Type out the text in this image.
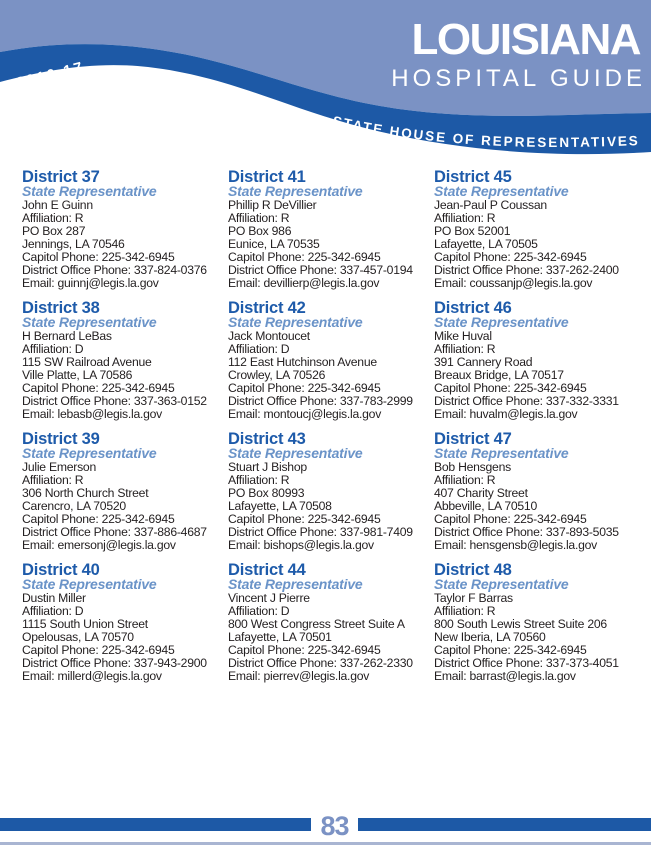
2016-17
LOUISIANA
HOSPITAL GUIDE
STATE HOUSE OF REPRESENTATIVES
District 37
State Representative
John E Guinn
Affiliation: R
PO Box 287
Jennings, LA 70546
Capitol Phone: 225-342-6945
District Office Phone: 337-824-0376
Email: guinnj@legis.la.gov
District 38
State Representative
H Bernard LeBas
Affiliation: D
115 SW Railroad Avenue
Ville Platte, LA 70586
Capitol Phone: 225-342-6945
District Office Phone: 337-363-0152
Email: lebasb@legis.la.gov
District 39
State Representative
Julie Emerson
Affiliation: R
306 North Church Street
Carencro, LA 70520
Capitol Phone: 225-342-6945
District Office Phone: 337-886-4687
Email: emersonj@legis.la.gov
District 40
State Representative
Dustin Miller
Affiliation: D
1115 South Union Street
Opelousas, LA 70570
Capitol Phone: 225-342-6945
District Office Phone: 337-943-2900
Email: millerd@legis.la.gov
District 41
State Representative
Phillip R DeVillier
Affiliation: R
PO Box 986
Eunice, LA 70535
Capitol Phone: 225-342-6945
District Office Phone: 337-457-0194
Email: devillierp@legis.la.gov
District 42
State Representative
Jack Montoucet
Affiliation: D
112 East Hutchinson Avenue
Crowley, LA 70526
Capitol Phone: 225-342-6945
District Office Phone: 337-783-2999
Email: montoucj@legis.la.gov
District 43
State Representative
Stuart J Bishop
Affiliation: R
PO Box 80993
Lafayette, LA 70508
Capitol Phone: 225-342-6945
District Office Phone: 337-981-7409
Email: bishops@legis.la.gov
District 44
State Representative
Vincent J Pierre
Affiliation: D
800 West Congress Street Suite A
Lafayette, LA 70501
Capitol Phone: 225-342-6945
District Office Phone: 337-262-2330
Email: pierrev@legis.la.gov
District 45
State Representative
Jean-Paul P Coussan
Affiliation: R
PO Box 52001
Lafayette, LA 70505
Capitol Phone: 225-342-6945
District Office Phone: 337-262-2400
Email: coussanjp@legis.la.gov
District 46
State Representative
Mike Huval
Affiliation: R
391 Cannery Road
Breaux Bridge, LA 70517
Capitol Phone: 225-342-6945
District Office Phone: 337-332-3331
Email: huvalm@legis.la.gov
District 47
State Representative
Bob Hensgens
Affiliation: R
407 Charity Street
Abbeville, LA 70510
Capitol Phone: 225-342-6945
District Office Phone: 337-893-5035
Email: hensgensb@legis.la.gov
District 48
State Representative
Taylor F Barras
Affiliation: R
800 South Lewis Street Suite 206
New Iberia, LA 70560
Capitol Phone: 225-342-6945
District Office Phone: 337-373-4051
Email: barrast@legis.la.gov
83
